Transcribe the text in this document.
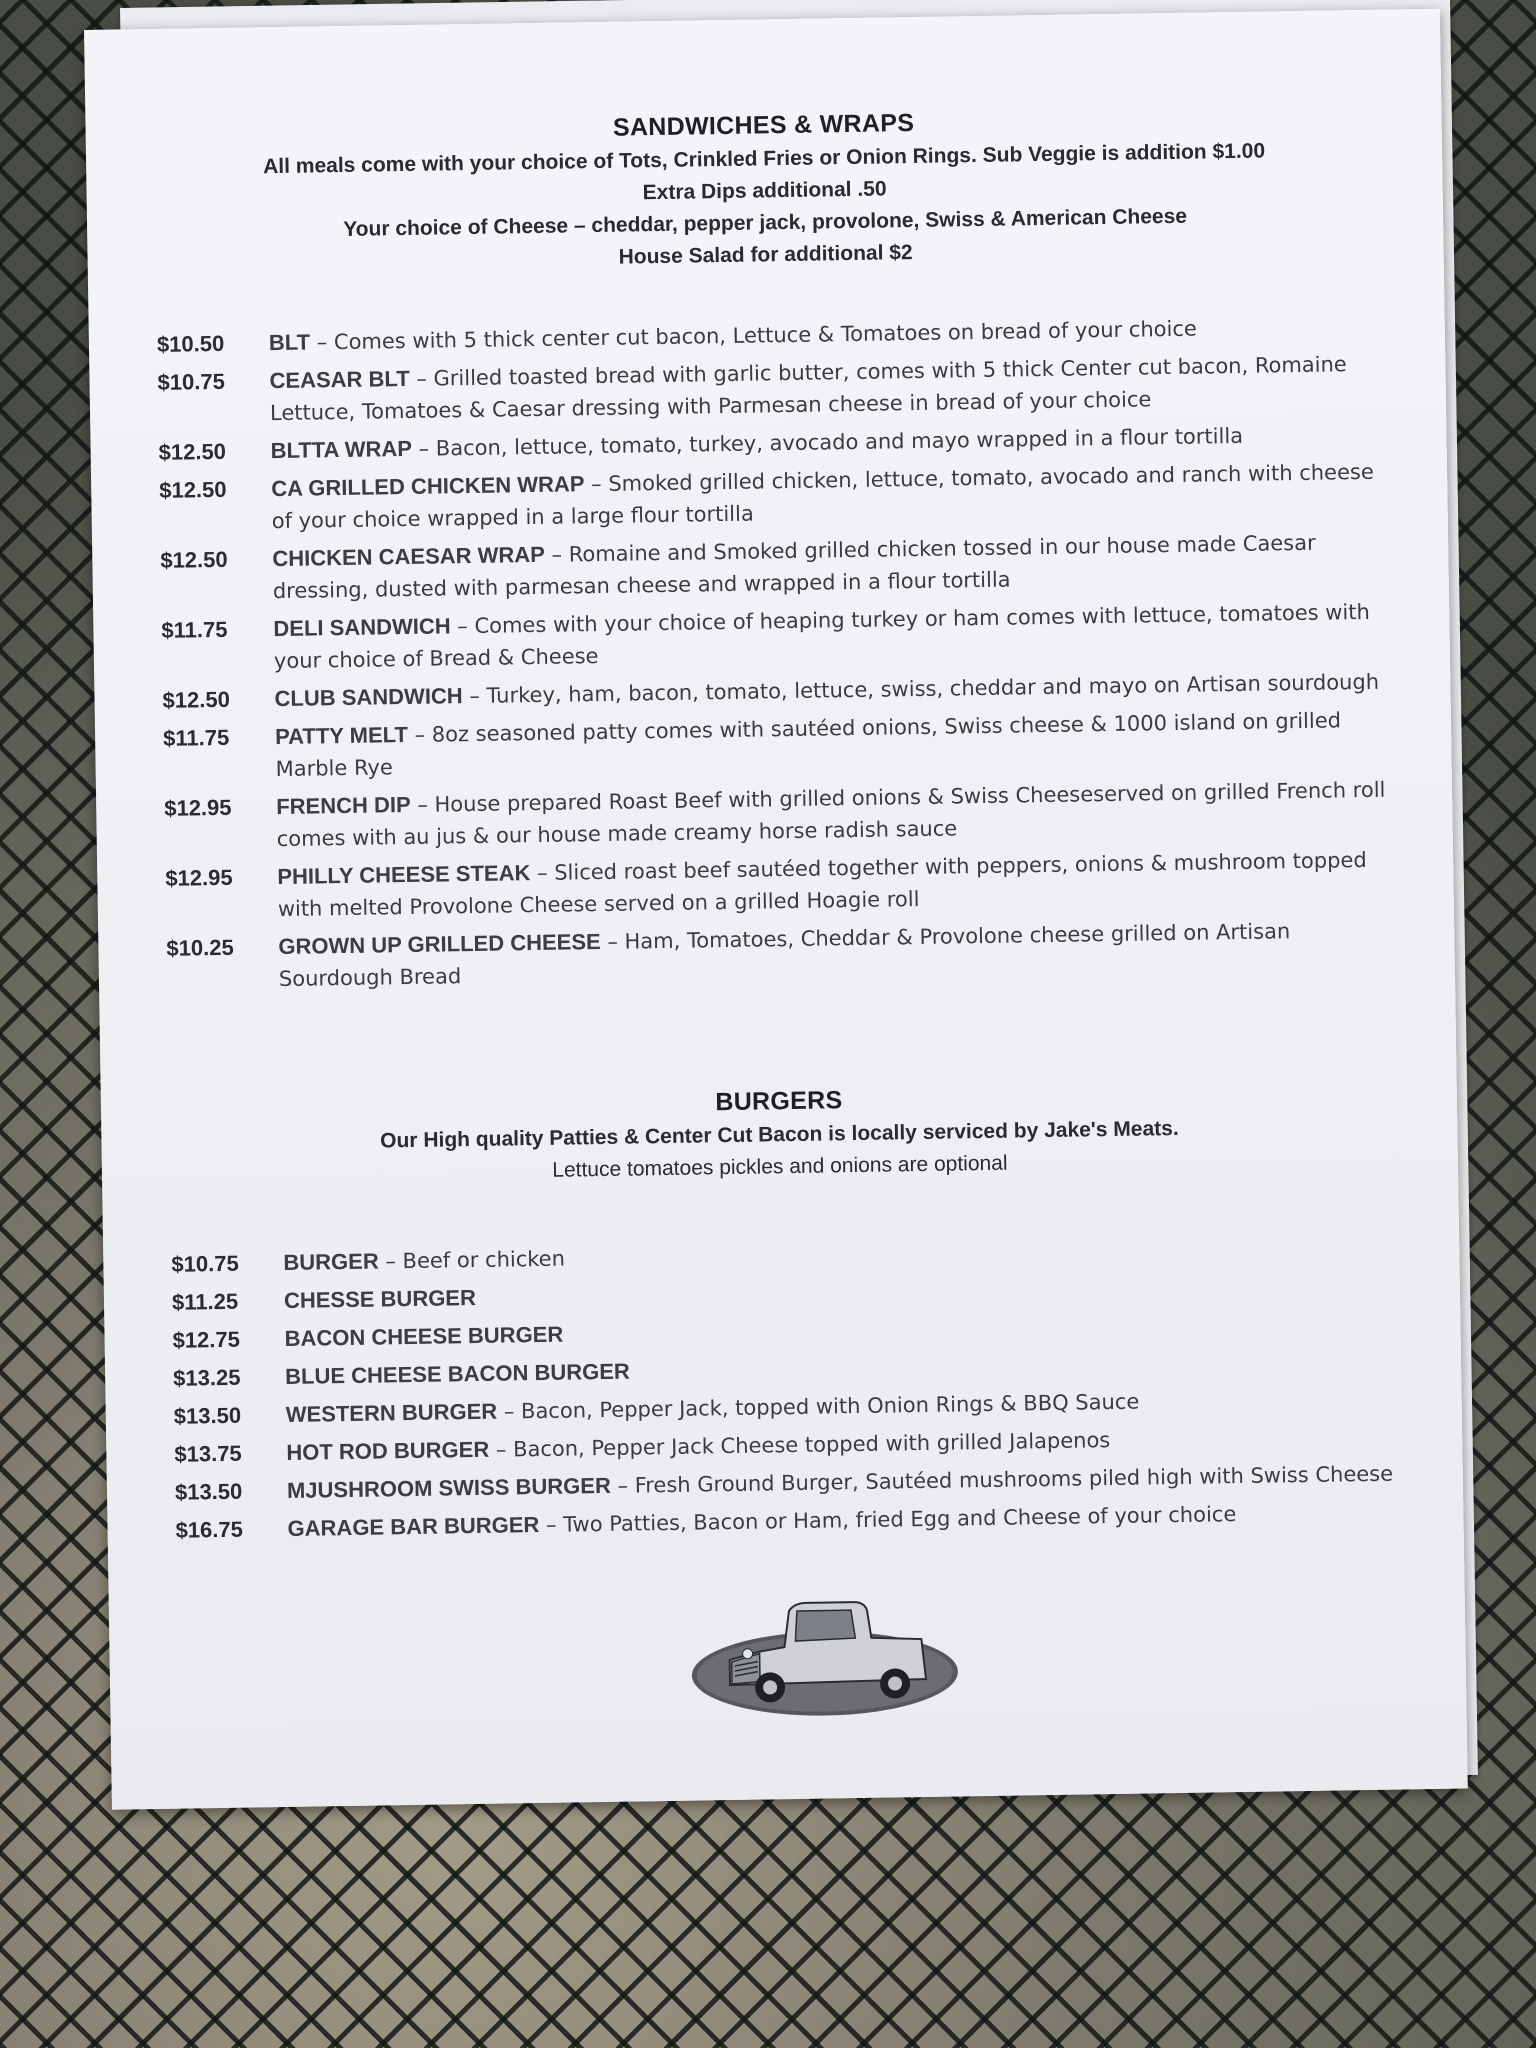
SANDWICHES & WRAPS
All meals come with your choice of Tots, Crinkled Fries or Onion Rings. Sub Veggie is addition $1.00
Extra Dips additional .50
Your choice of Cheese – cheddar, pepper jack, provolone, Swiss & American Cheese
House Salad for additional $2
$10.50	BLT – Comes with 5 thick center cut bacon, Lettuce & Tomatoes on bread of your choice
$10.75	CEASAR BLT – Grilled toasted bread with garlic butter, comes with 5 thick Center cut bacon, Romaine Lettuce, Tomatoes & Caesar dressing with Parmesan cheese in bread of your choice
$12.50	BLTTA WRAP – Bacon, lettuce, tomato, turkey, avocado and mayo wrapped in a flour tortilla
$12.50	CA GRILLED CHICKEN WRAP – Smoked grilled chicken, lettuce, tomato, avocado and ranch with cheese of your choice wrapped in a large flour tortilla
$12.50	CHICKEN CAESAR WRAP – Romaine and Smoked grilled chicken tossed in our house made Caesar dressing, dusted with parmesan cheese and wrapped in a flour tortilla
$11.75	DELI SANDWICH – Comes with your choice of heaping turkey or ham comes with lettuce, tomatoes with your choice of Bread & Cheese
$12.50	CLUB SANDWICH – Turkey, ham, bacon, tomato, lettuce, swiss, cheddar and mayo on Artisan sourdough
$11.75	PATTY MELT – 8oz seasoned patty comes with sautéed onions, Swiss cheese & 1000 island on grilled Marble Rye
$12.95	FRENCH DIP – House prepared Roast Beef with grilled onions & Swiss Cheeseserved on grilled French roll comes with au jus & our house made creamy horse radish sauce
$12.95	PHILLY CHEESE STEAK – Sliced roast beef sautéed together with peppers, onions & mushroom topped with melted Provolone Cheese served on a grilled Hoagie roll
$10.25	GROWN UP GRILLED CHEESE – Ham, Tomatoes, Cheddar & Provolone cheese grilled on Artisan Sourdough Bread
BURGERS
Our High quality Patties & Center Cut Bacon is locally serviced by Jake's Meats.
Lettuce tomatoes pickles and onions are optional
$10.75	BURGER – Beef or chicken
$11.25	CHESSE BURGER
$12.75	BACON CHEESE BURGER
$13.25	BLUE CHEESE BACON BURGER
$13.50	WESTERN BURGER – Bacon, Pepper Jack, topped with Onion Rings & BBQ Sauce
$13.75	HOT ROD BURGER – Bacon, Pepper Jack Cheese topped with grilled Jalapenos
$13.50	MJUSHROOM SWISS BURGER – Fresh Ground Burger, Sautéed mushrooms piled high with Swiss Cheese
$16.75	GARAGE BAR BURGER – Two Patties, Bacon or Ham, fried Egg and Cheese of your choice
